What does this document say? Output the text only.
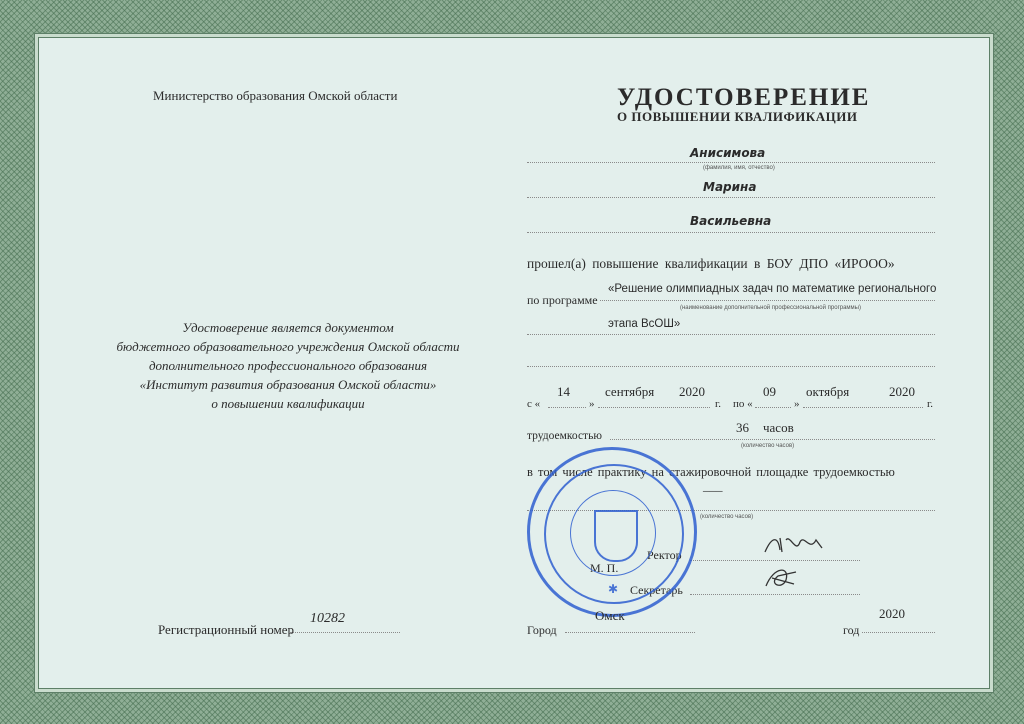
Министерство образования Омской области
Удостоверение является документом
бюджетного образовательного учреждения Омской области
дополнительного профессионального образования
«Институт развития образования Омской области»
о повышении квалификации
Регистрационный номер
10282
УДОСТОВЕРЕНИЕ
О ПОВЫШЕНИИ КВАЛИФИКАЦИИ
Анисимова
(фамилия, имя, отчество)
Марина
Васильевна
прошел(а) повышение квалификации в БОУ ДПО «ИРООО»
по программе
«Решение олимпиадных задач по математике регионального
(наименование дополнительной профессиональной программы)
этапа ВсОШ»
с «
14
»
сентября 2020
г. по «
09
»
октября	2020
г.
трудоемкостью
36 часов
(количество часов)
в том числе практику на стажировочной площадке трудоемкостью
___
(количество часов)
Ректор
М. П.
Секретарь
✱
Город
Омск	2020
год
